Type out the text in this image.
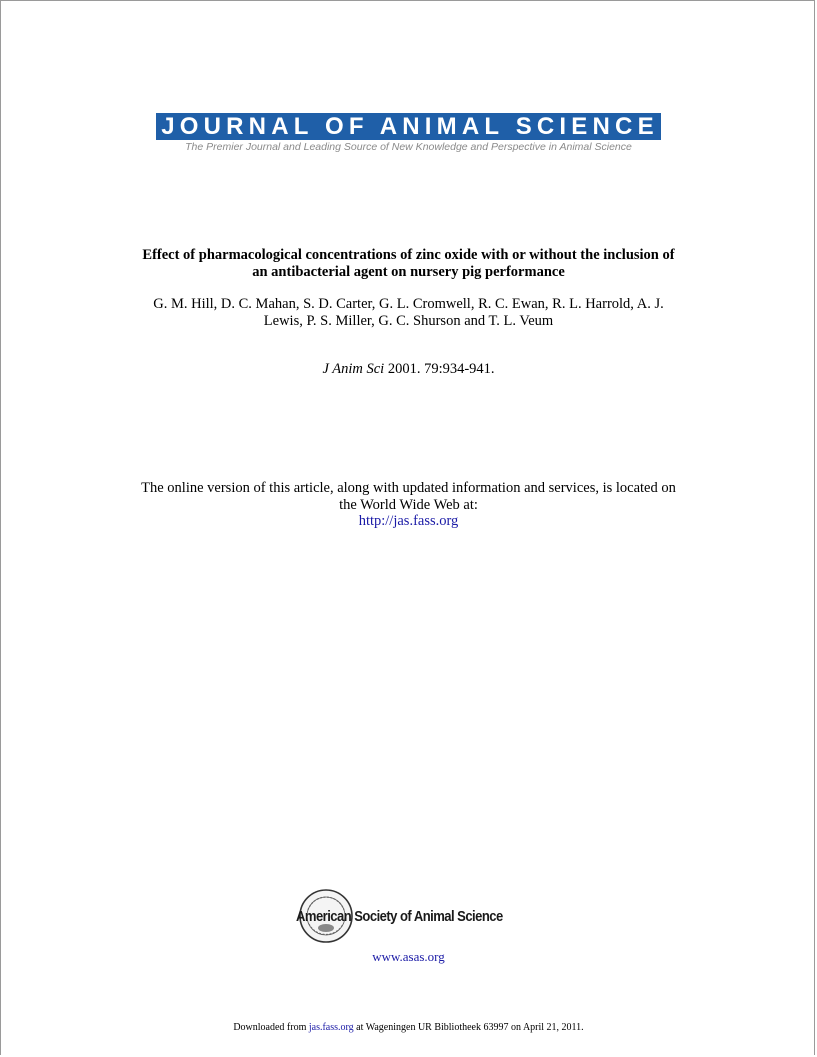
JOURNAL OF ANIMAL SCIENCE
The Premier Journal and Leading Source of New Knowledge and Perspective in Animal Science
Effect of pharmacological concentrations of zinc oxide with or without the inclusion of
an antibacterial agent on nursery pig performance
G. M. Hill, D. C. Mahan, S. D. Carter, G. L. Cromwell, R. C. Ewan, R. L. Harrold, A. J.
Lewis, P. S. Miller, G. C. Shurson and T. L. Veum
J Anim Sci 2001. 79:934-941.
The online version of this article, along with updated information and services, is located on
the World Wide Web at:
http://jas.fass.org
American Society of Animal Science
www.asas.org
Downloaded from jas.fass.org at Wageningen UR Bibliotheek 63997 on April 21, 2011.
